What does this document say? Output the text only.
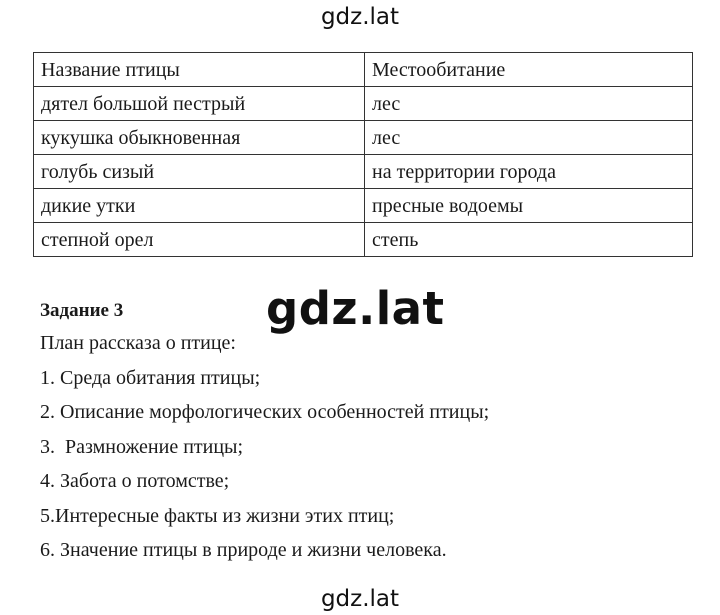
gdz.lat
Название птицы	Местообитание
дятел большой пестрый	лес
кукушка обыкновенная	лес
голубь сизый	на территории города
дикие утки	пресные водоемы
степной орел	степь
Задание 3
План рассказа о птице:
1. Среда обитания птицы;
2. Описание морфологических особенностей птицы;
3.  Размножение птицы;
4. Забота о потомстве;
5.Интересные факты из жизни этих птиц;
6. Значение птицы в природе и жизни человека.
gdz.lat
gdz.lat
